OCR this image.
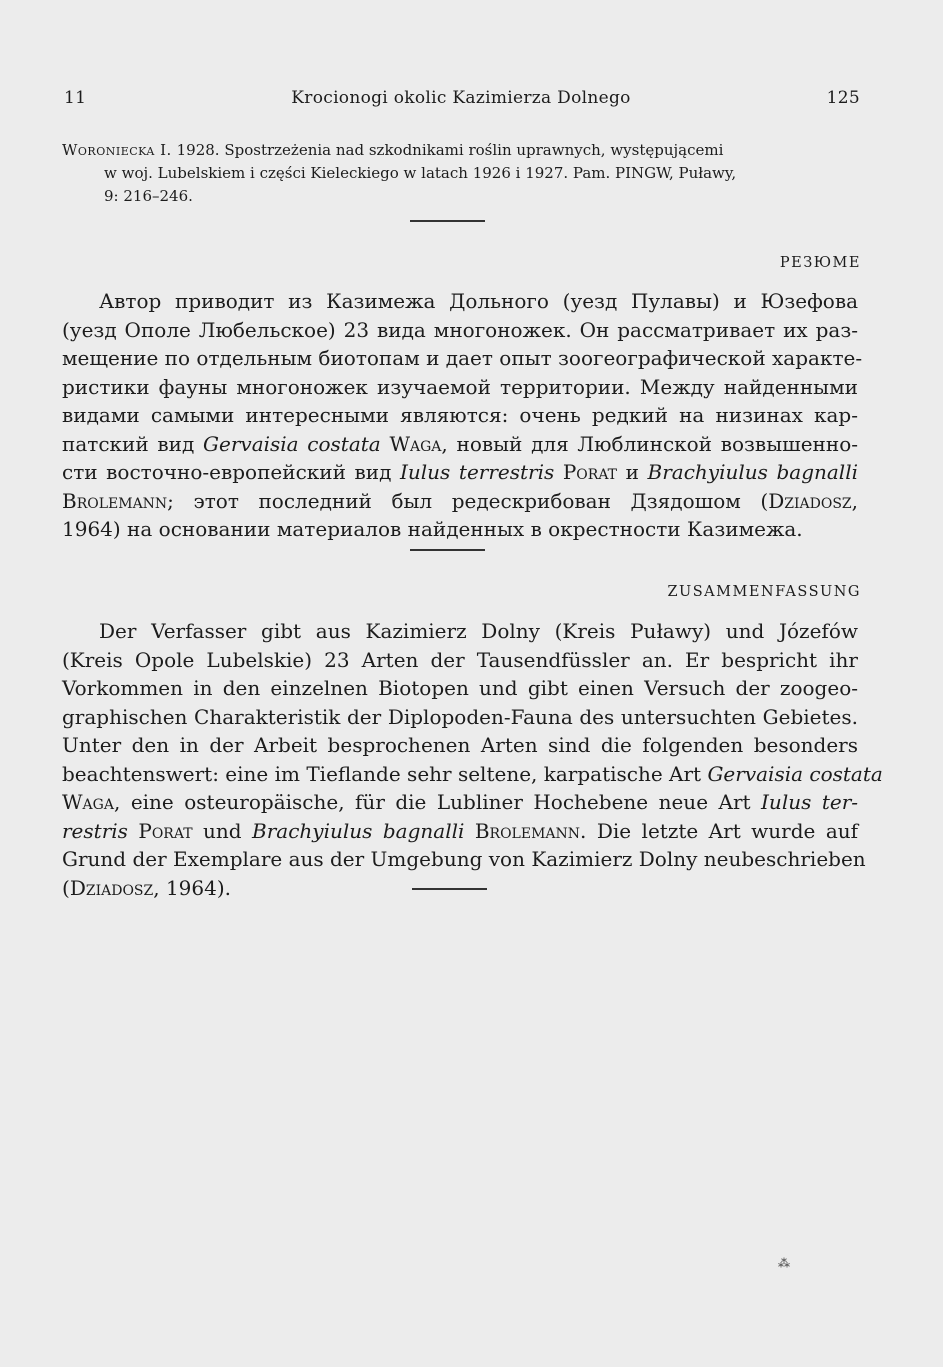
11	Krocionogi okolic Kazimierza Dolnego	125
Woroniecka I. 1928. Spostrzeżenia nad szkodnikami roślin uprawnych, występującemi
w woj. Lubelskiem i części Kieleckiego w latach 1926 i 1927. Pam. PINGW, Puławy,
9: 216–246.
РЕЗЮМЕ
Автор приводит из Казимежа Дольного (уезд Пулавы) и Юзефова
(уезд Ополе Любельское) 23 вида многоножек. Он рассматривает их раз-
мещение по отдельным биотопам и дает опыт зоогеографической характе-
ристики фауны многоножек изучаемой территории. Между найденными
видами самыми интересными являются: очень редкий на низинах кар-
патский вид Gervaisia costata Waga, новый для Люблинской возвышенно-
сти восточно-европейский вид Iulus terrestris Porat и Brachyiulus bagnalli
Brolemann; этот последний был редескрибован Дзядошом (Dziadosz,
1964) на основании материалов найденных в окрестности Казимежа.
ZUSAMMENFASSUNG
Der Verfasser gibt aus Kazimierz Dolny (Kreis Puławy) und Józefów
(Kreis Opole Lubelskie) 23 Arten der Tausendfüssler an. Er bespricht ihr
Vorkommen in den einzelnen Biotopen und gibt einen Versuch der zoogeo-
graphischen Charakteristik der Diplopoden-Fauna des untersuchten Gebietes.
Unter den in der Arbeit besprochenen Arten sind die folgenden besonders
beachtenswert: eine im Tieflande sehr seltene, karpatische Art Gervaisia costata
Waga, eine osteuropäische, für die Lubliner Hochebene neue Art Iulus ter-
restris Porat und Brachyiulus bagnalli Brolemann. Die letzte Art wurde auf
Grund der Exemplare aus der Umgebung von Kazimierz Dolny neubeschrieben
(Dziadosz, 1964).
⁂
